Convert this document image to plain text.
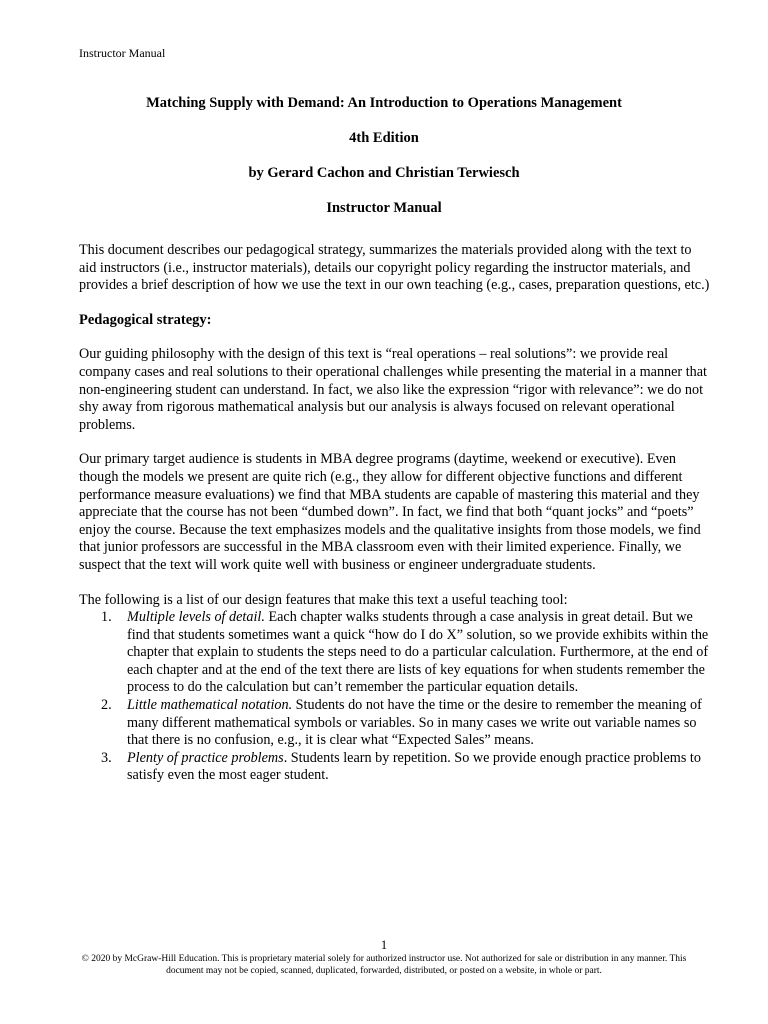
Instructor Manual
Matching Supply with Demand: An Introduction to Operations Management
4th Edition
by Gerard Cachon and Christian Terwiesch
Instructor Manual

This document describes our pedagogical strategy, summarizes the materials provided along with the text to aid instructors (i.e., instructor materials), details our copyright policy regarding the instructor materials, and provides a brief description of how we use the text in our own teaching (e.g., cases, preparation questions, etc.)

Pedagogical strategy:

Our guiding philosophy with the design of this text is “real operations – real solutions”: we provide real company cases and real solutions to their operational challenges while presenting the material in a manner that non-engineering student can understand. In fact, we also like the expression “rigor with relevance”: we do not shy away from rigorous mathematical analysis but our analysis is always focused on relevant operational problems.

Our primary target audience is students in MBA degree programs (daytime, weekend or executive). Even though the models we present are quite rich (e.g., they allow for different objective functions and different performance measure evaluations) we find that MBA students are capable of mastering this material and they appreciate that the course has not been “dumbed down”. In fact, we find that both “quant jocks” and “poets” enjoy the course. Because the text emphasizes models and the qualitative insights from those models, we find that junior professors are successful in the MBA classroom even with their limited experience. Finally, we suspect that the text will work quite well with business or engineer undergraduate students.

The following is a list of our design features that make this text a useful teaching tool:

1. Multiple levels of detail. Each chapter walks students through a case analysis in great detail. But we find that students sometimes want a quick “how do I do X” solution, so we provide exhibits within the chapter that explain to students the steps need to do a particular calculation. Furthermore, at the end of each chapter and at the end of the text there are lists of key equations for when students remember the process to do the calculation but can’t remember the particular equation details.
2. Little mathematical notation. Students do not have the time or the desire to remember the meaning of many different mathematical symbols or variables. So in many cases we write out variable names so that there is no confusion, e.g., it is clear what “Expected Sales” means.
3. Plenty of practice problems. Students learn by repetition. So we provide enough practice problems to satisfy even the most eager student.
1
© 2020 by McGraw-Hill Education. This is proprietary material solely for authorized instructor use. Not authorized for sale or distribution in any manner. This
document may not be copied, scanned, duplicated, forwarded, distributed, or posted on a website, in whole or part.
